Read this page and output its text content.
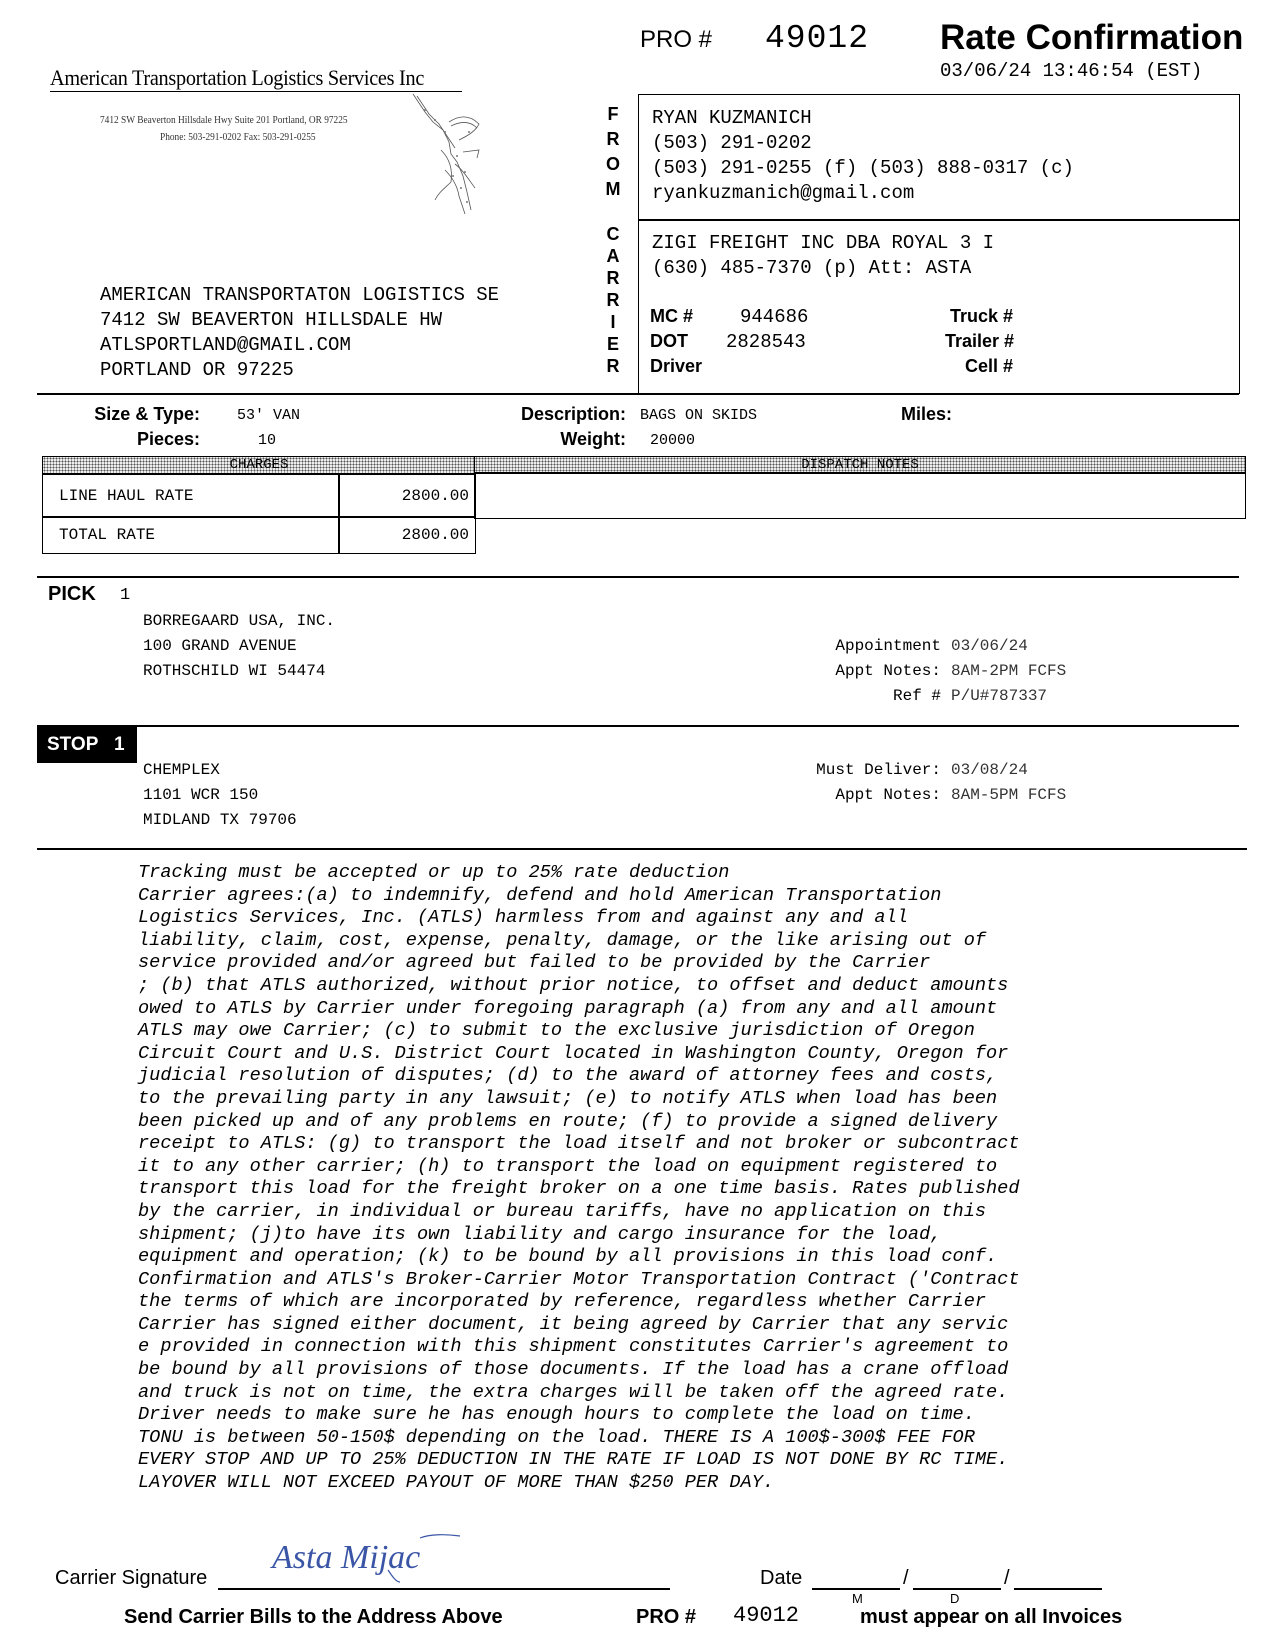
American Transportation Logistics Services Inc
7412 SW Beaverton Hillsdale Hwy Suite 201 Portland, OR 97225
Phone: 503-291-0202 Fax: 503-291-0255
PRO # 49012 Rate Confirmation
03/06/24 13:46:54 (EST)
F
R
O
M
C
A
R
R
I
E
R
RYAN KUZMANICH
(503) 291-0202
(503) 291-0255 (f) (503) 888-0317 (c)
ryankuzmanich@gmail.com
ZIGI FREIGHT INC DBA ROYAL 3 I
(630) 485-7370 (p) Att: ASTA
MC # 944686
DOT 2828543
Driver
Truck #
Trailer #
Cell #
AMERICAN TRANSPORTATON LOGISTICS SE
7412 SW BEAVERTON HILLSDALE HW
ATLSPORTLAND@GMAIL.COM
PORTLAND OR 97225
Size & Type: 53' VAN
Pieces:	10
Description: BAGS ON SKIDS
Weight: 20000
Miles:
CHARGES	DISPATCH NOTES
LINE HAUL RATE	2800.00
TOTAL RATE	2800.00
PICK 1
BORREGAARD USA, INC.
100 GRAND AVENUE
ROTHSCHILD WI 54474
Appointment 03/06/24
Appt Notes: 8AM-2PM FCFS
Ref # P/U#787337
STOP 1
CHEMPLEX
1101 WCR 150
MIDLAND TX 79706
Must Deliver: 03/08/24
Appt Notes: 8AM-5PM FCFS
Tracking must be accepted or up to 25% rate deduction
Carrier agrees:(a) to indemnify, defend and hold American Transportation
Logistics Services, Inc. (ATLS) harmless from and against any and all
liability, claim, cost, expense, penalty, damage, or the like arising out of
service provided and/or agreed but failed to be provided by the Carrier
; (b) that ATLS authorized, without prior notice, to offset and deduct amounts
owed to ATLS by Carrier under foregoing paragraph (a) from any and all amount
ATLS may owe Carrier; (c) to submit to the exclusive jurisdiction of Oregon
Circuit Court and U.S. District Court located in Washington County, Oregon for
judicial resolution of disputes; (d) to the award of attorney fees and costs,
to the prevailing party in any lawsuit; (e) to notify ATLS when load has been
been picked up and of any problems en route; (f) to provide a signed delivery
receipt to ATLS: (g) to transport the load itself and not broker or subcontract
it to any other carrier; (h) to transport the load on equipment registered to
transport this load for the freight broker on a one time basis. Rates published
by the carrier, in individual or bureau tariffs, have no application on this
shipment; (j)to have its own liability and cargo insurance for the load,
equipment and operation; (k) to be bound by all provisions in this load conf.
Confirmation and ATLS's Broker-Carrier Motor Transportation Contract ('Contract
the terms of which are incorporated by reference, regardless whether Carrier
Carrier has signed either document, it being agreed by Carrier that any servic
e provided in connection with this shipment constitutes Carrier's agreement to
be bound by all provisions of those documents. If the load has a crane offload
and truck is not on time, the extra charges will be taken off the agreed rate.
Driver needs to make sure he has enough hours to complete the load on time.
TONU is between 50-150$ depending on the load. THERE IS A 100$-300$ FEE FOR
EVERY STOP AND UP TO 25% DEDUCTION IN THE RATE IF LOAD IS NOT DONE BY RC TIME.
LAYOVER WILL NOT EXCEED PAYOUT OF MORE THAN $250 PER DAY.
Carrier Signature
Asta Mijac
Date	/	/
M	D
Send Carrier Bills to the Address Above	PRO # 49012	must appear on all Invoices
